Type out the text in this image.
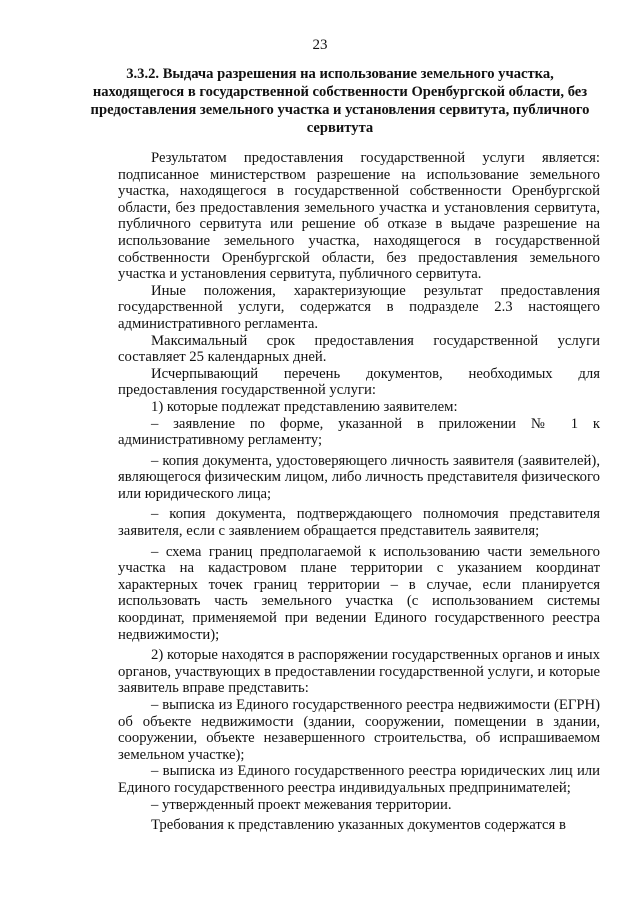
23
3.3.2. Выдача разрешения на использование земельного участка, находящегося в государственной собственности Оренбургской области, без предоставления земельного участка и установления сервитута, публичного сервитута

Результатом предоставления государственной услуги является: подписанное министерством разрешение на использование земельного участка, находящегося в государственной собственности Оренбургской области, без предоставления земельного участка и установления сервитута, публичного сервитута или решение об отказе в выдаче разрешение на использование земельного участка, находящегося в государственной собственности Оренбургской области, без предоставления земельного участка и установления сервитута, публичного сервитута.

Иные положения, характеризующие результат предоставления государственной услуги, содержатся в подразделе 2.3 настоящего административного регламента.

Максимальный срок предоставления государственной услуги составляет 25 календарных дней.

Исчерпывающий перечень документов, необходимых для предоставления государственной услуги:

1) которые подлежат представлению заявителем:

– заявление по форме, указанной в приложении № 1 к административному регламенту;

– копия документа, удостоверяющего личность заявителя (заявителей), являющегося физическим лицом, либо личность представителя физического или юридического лица;

– копия документа, подтверждающего полномочия представителя заявителя, если с заявлением обращается представитель заявителя;

– схема границ предполагаемой к использованию части земельного участка на кадастровом плане территории с указанием координат характерных точек границ территории – в случае, если планируется использовать часть земельного участка (с использованием системы координат, применяемой при ведении Единого государственного реестра недвижимости);

2) которые находятся в распоряжении государственных органов и иных органов, участвующих в предоставлении государственной услуги, и которые заявитель вправе представить:

– выписка из Единого государственного реестра недвижимости (ЕГРН) об объекте недвижимости (здании, сооружении, помещении в здании, сооружении, объекте незавершенного строительства, об испрашиваемом земельном участке);

– выписка из Единого государственного реестра юридических лиц или Единого государственного реестра индивидуальных предпринимателей;

– утвержденный проект межевания территории.

Требования к представлению указанных документов содержатся в
